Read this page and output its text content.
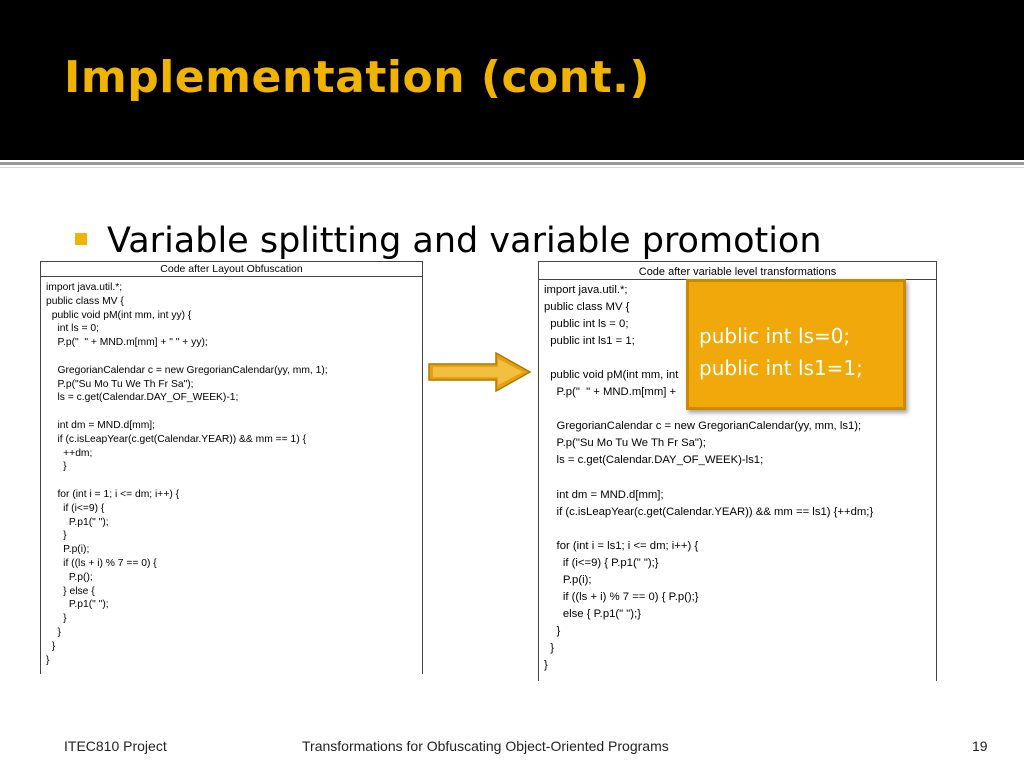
Implementation (cont.)
Variable splitting and variable promotion
Code after Layout Obfuscation
import java.util.*;
public class MV {
public void pM(int mm, int yy) {
int ls = 0;
P.p("  " + MND.m[mm] + " " + yy);

GregorianCalendar c = new GregorianCalendar(yy, mm, 1);
P.p("Su Mo Tu We Th Fr Sa");
ls = c.get(Calendar.DAY_OF_WEEK)-1;

int dm = MND.d[mm];
if (c.isLeapYear(c.get(Calendar.YEAR)) && mm == 1) {
++dm;
}

for (int i = 1; i <= dm; i++) {
if (i<=9) {
P.p1(" ");
}
P.p(i);
if ((ls + i) % 7 == 0) {
P.p();
} else {
P.p1(" ");
}
}
}
}
Code after variable level transformations
import java.util.*;
public class MV {
public int ls = 0;
public int ls1 = 1;

public void pM(int mm, int
P.p("  " + MND.m[mm] +

GregorianCalendar c = new GregorianCalendar(yy, mm, ls1);
P.p("Su Mo Tu We Th Fr Sa");
ls = c.get(Calendar.DAY_OF_WEEK)-ls1;

int dm = MND.d[mm];
if (c.isLeapYear(c.get(Calendar.YEAR)) && mm == ls1) {++dm;}

for (int i = ls1; i <= dm; i++) {
if (i<=9) { P.p1(" ");}
P.p(i);
if ((ls + i) % 7 == 0) { P.p();}
else { P.p1(" ");}
}
}
}
public int ls=0;
public int ls1=1;
ITEC810 Project	Transformations for Obfuscating Object-Oriented Programs	19
